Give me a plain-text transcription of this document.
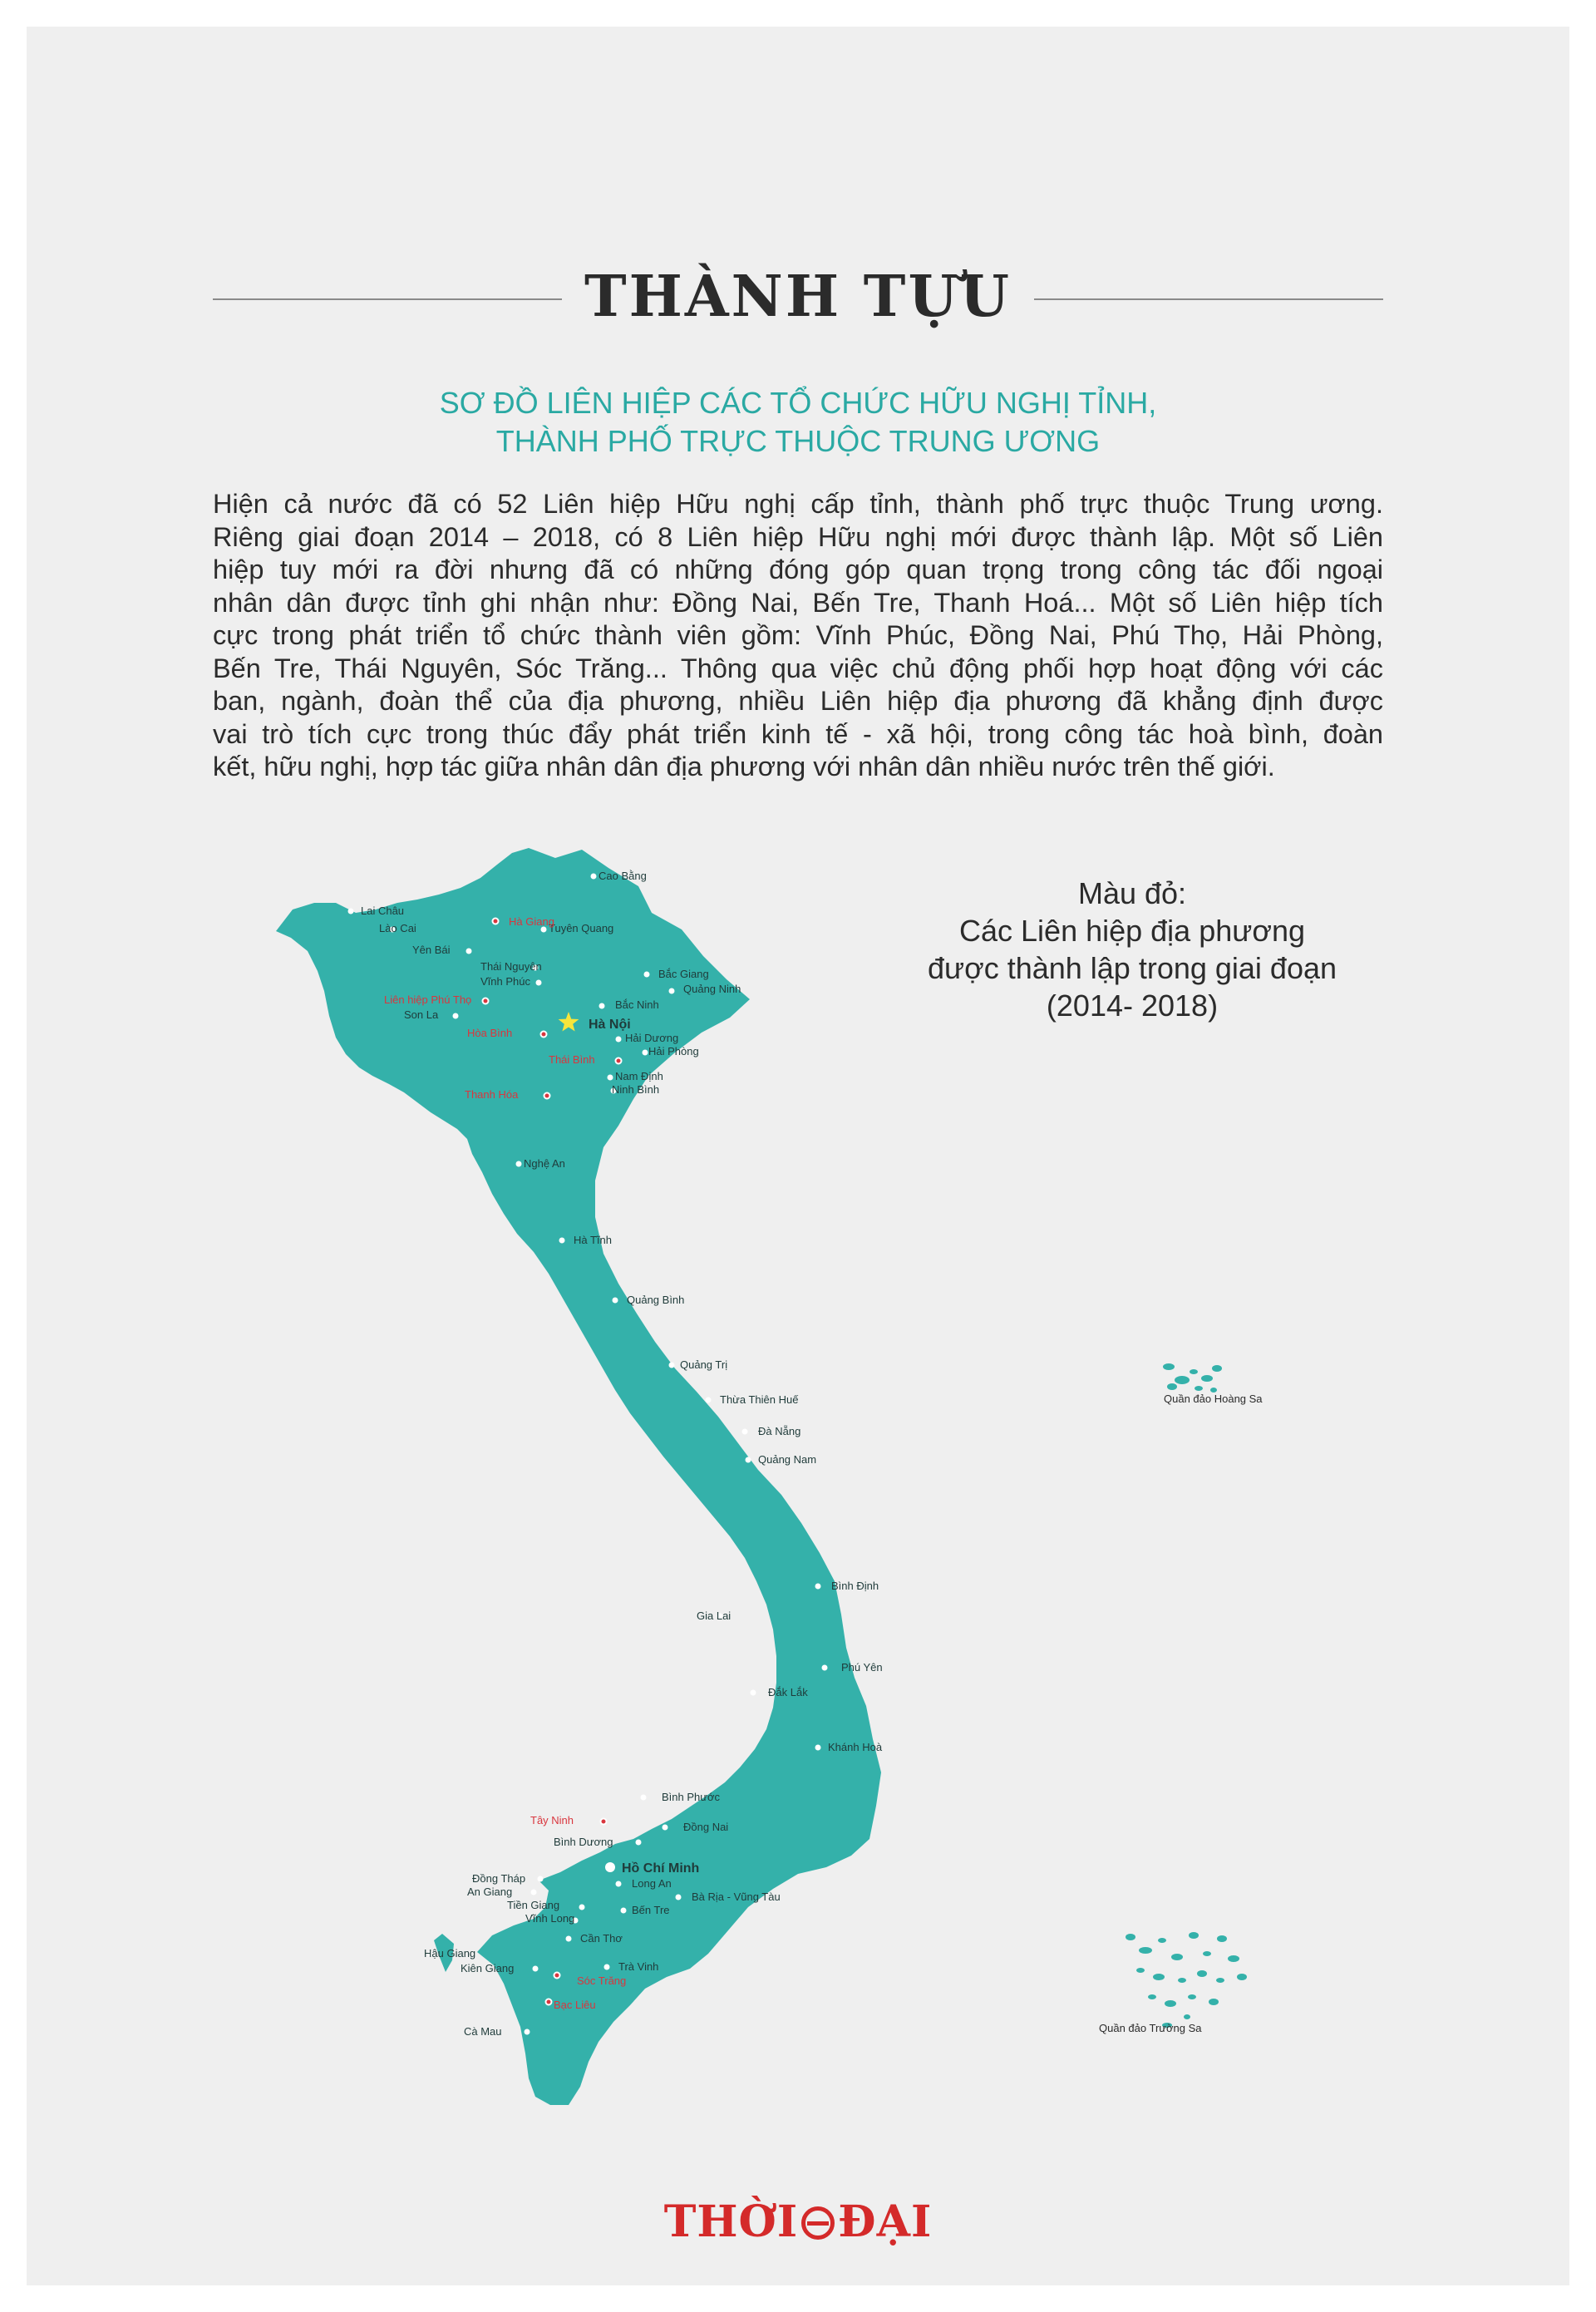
THÀNH TỰU
SƠ ĐỒ LIÊN HIỆP CÁC TỔ CHỨC HỮU NGHỊ TỈNH,
THÀNH PHỐ TRỰC THUỘC TRUNG ƯƠNG
Hiện cả nước đã có 52 Liên hiệp Hữu nghị cấp tỉnh, thành phố trực thuộc Trung ương.
Riêng giai đoạn 2014 – 2018, có 8 Liên hiệp Hữu nghị mới được thành lập. Một số Liên
hiệp tuy mới ra đời nhưng đã có những đóng góp quan trọng trong công tác đối ngoại
nhân dân được tỉnh ghi nhận như: Đồng Nai, Bến Tre, Thanh Hoá... Một số Liên hiệp tích
cực trong phát triển tổ chức thành viên gồm: Vĩnh Phúc, Đồng Nai, Phú Thọ, Hải Phòng,
Bến Tre, Thái Nguyên, Sóc Trăng... Thông qua việc chủ động phối hợp hoạt động với các
ban, ngành, đoàn thể của địa phương, nhiều Liên hiệp địa phương đã khẳng định được
vai trò tích cực trong thúc đẩy phát triển kinh tế - xã hội, trong công tác hoà bình, đoàn
kết, hữu nghị, hợp tác giữa nhân dân địa phương với nhân dân nhiều nước trên thế giới.
Màu đỏ:
Các Liên hiệp địa phương
được thành lập trong giai đoạn
(2014- 2018)
Cao Bằng
Lai Châu
Lào Cai	Tuyên Quang
Yên Bái
Thái Nguyên
Vĩnh Phúc
Bắc Giang
Quảng Ninh
Bắc Ninh
Son La
Hải Dương
Hải Phòng
Nam Định
Ninh Bình
Nghệ An
Hà Tĩnh
Quảng Bình
Quảng Trị
Thừa Thiên Huế
Đà Nẵng
Quảng Nam
Bình Định
Gia Lai
Phú Yên
Đắk Lắk
Khánh Hoà
Bình Phước
Đồng Nai
Bình Dương
Long An
Bà Rịa - Vũng Tàu
Đồng Tháp
An Giang
Tiền Giang
Vĩnh Long
Bến Tre
Cần Thơ
Hậu Giang
Kiên Giang	Trà Vinh
Cà Mau
Hà Giang
Liên hiệp Phú Thọ
Hòa Bình
Thái Bình
Thanh Hóa
Tây Ninh
Sóc Trăng
Bạc Liêu
Hà Nội
Hồ Chí Minh
Quần đảo Hoàng Sa
Quần đảo Trường Sa
THỜI ĐẠI
